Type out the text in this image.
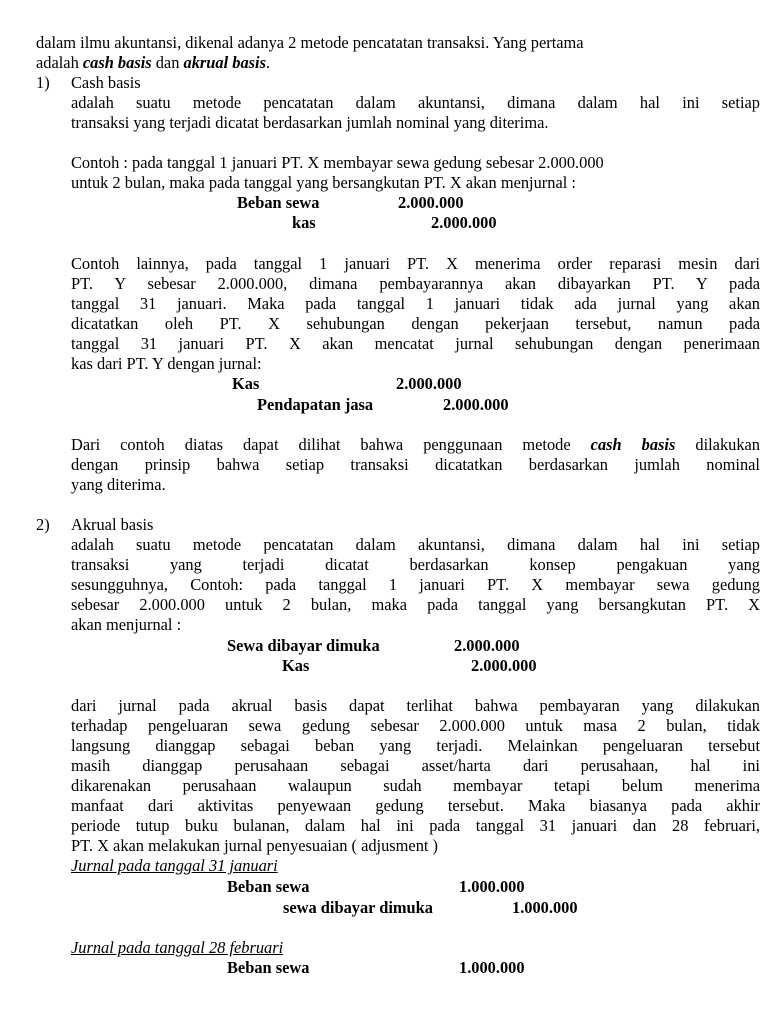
dalam ilmu akuntansi, dikenal adanya 2 metode pencatatan transaksi. Yang pertama
adalah cash basis dan akrual basis.
1) Cash basis
adalah suatu metode pencatatan dalam akuntansi, dimana dalam hal ini setiap
transaksi yang terjadi dicatat berdasarkan jumlah nominal yang diterima.
Contoh : pada tanggal 1 januari PT. X membayar sewa gedung sebesar 2.000.000
untuk 2 bulan, maka pada tanggal yang bersangkutan PT. X akan menjurnal :
Beban sewa	2.000.000
kas	2.000.000
Contoh lainnya, pada tanggal 1 januari PT. X menerima order reparasi mesin dari
PT. Y sebesar 2.000.000, dimana pembayarannya akan dibayarkan PT. Y pada
tanggal 31 januari. Maka pada tanggal 1 januari tidak ada jurnal yang akan
dicatatkan oleh PT. X sehubungan dengan pekerjaan tersebut, namun pada
tanggal 31 januari PT. X akan mencatat jurnal sehubungan dengan penerimaan
kas dari PT. Y dengan jurnal:
Kas	2.000.000
Pendapatan jasa	2.000.000
Dari contoh diatas dapat dilihat bahwa penggunaan metode cash basis dilakukan
dengan prinsip bahwa setiap transaksi dicatatkan berdasarkan jumlah nominal
yang diterima.
2) Akrual basis
adalah suatu metode pencatatan dalam akuntansi, dimana dalam hal ini setiap
transaksi yang terjadi dicatat berdasarkan konsep pengakuan yang
sesungguhnya, Contoh: pada tanggal 1 januari PT. X membayar sewa gedung
sebesar 2.000.000 untuk 2 bulan, maka pada tanggal yang bersangkutan PT. X
akan menjurnal :
Sewa dibayar dimuka	2.000.000
Kas	2.000.000
dari jurnal pada akrual basis dapat terlihat bahwa pembayaran yang dilakukan
terhadap pengeluaran sewa gedung sebesar 2.000.000 untuk masa 2 bulan, tidak
langsung dianggap sebagai beban yang terjadi. Melainkan pengeluaran tersebut
masih dianggap perusahaan sebagai asset/harta dari perusahaan, hal ini
dikarenakan perusahaan walaupun sudah membayar tetapi belum menerima
manfaat dari aktivitas penyewaan gedung tersebut. Maka biasanya pada akhir
periode tutup buku bulanan, dalam hal ini pada tanggal 31 januari dan 28 februari,
PT. X akan melakukan jurnal penyesuaian ( adjusment )
Jurnal pada tanggal 31 januari
Beban sewa	1.000.000
sewa dibayar dimuka	1.000.000
Jurnal pada tanggal 28 februari
Beban sewa	1.000.000
